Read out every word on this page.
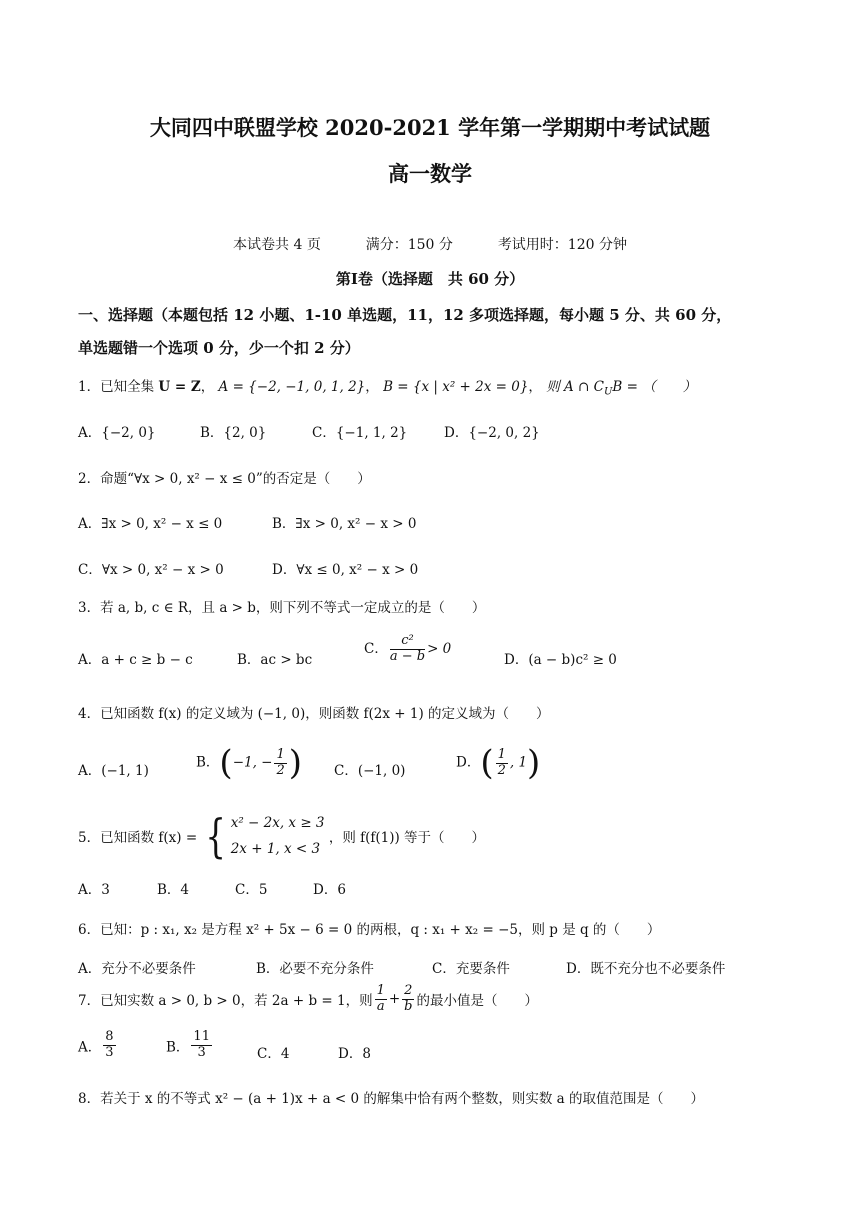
大同四中联盟学校 2020-2021 学年第一学期期中考试试题
高一数学
本试卷共 4 页	满分：150 分	考试用时：120 分钟
第Ⅰ卷（选择题　共 60 分）
一、选择题（本题包括 12 小题、1-10 单选题，11，12 多项选择题，每小题 5 分、共 60 分，
单选题错一个选项 0 分，少一个扣 2 分）
1．已知全集 U = Z， A = {−2, −1, 0, 1, 2}， B = {x | x² + 2x = 0}， 则 A ∩ $C_UB$ = （　　）
A．{−2, 0}	B．{2, 0}	C．{−1, 1, 2}	D．{−2, 0, 2}
2．命题“∀x > 0, x² − x ≤ 0”的否定是（　　）
A．∃x > 0, x² − x ≤ 0	B．∃x > 0, x² − x > 0
C．∀x > 0, x² − x > 0	D．∀x ≤ 0, x² − x > 0
3．若 a, b, c ∈ R，且 a > b，则下列不等式一定成立的是（　　）
A．a + c ≥ b − c	B．ac > bc
C． $\frac{\text{c²}}{a - b} > 0$
D．(a − b)c² ≥ 0
4．已知函数 f(x) 的定义域为 (−1, 0)，则函数 f(2x + 1) 的定义域为（　　）
A．(−1, 1)
B．(−1, − $\frac{1}{2}$ ) C．(−1, 0)
D．( $\frac{1}{2}$ , 1)
5．已知函数 f(x) = { x² − 2x, x ≥ 3
2x + 1, x < 3
，则 f(f(1)) 等于（　　）
A．3	B．4	C．5	D．6
6．已知：p : x₁, x₂ 是方程 x² + 5x − 6 = 0 的两根，q : x₁ + x₂ = −5，则 p 是 q 的（　　）
A．充分不必要条件	B．必要不充分条件	C．充要条件	D．既不充分也不必要条件
7．已知实数 a > 0, b > 0，若 2a + b = 1，则 $\frac{1}{a} + \frac{2}{b}$ 的最小值是（　　）
A． $\frac{8}{3}$	B． $\frac{11}{3}$	C．4	D．8
8．若关于 x 的不等式 x² − (a + 1)x + a < 0 的解集中恰有两个整数，则实数 a 的取值范围是（　　）
